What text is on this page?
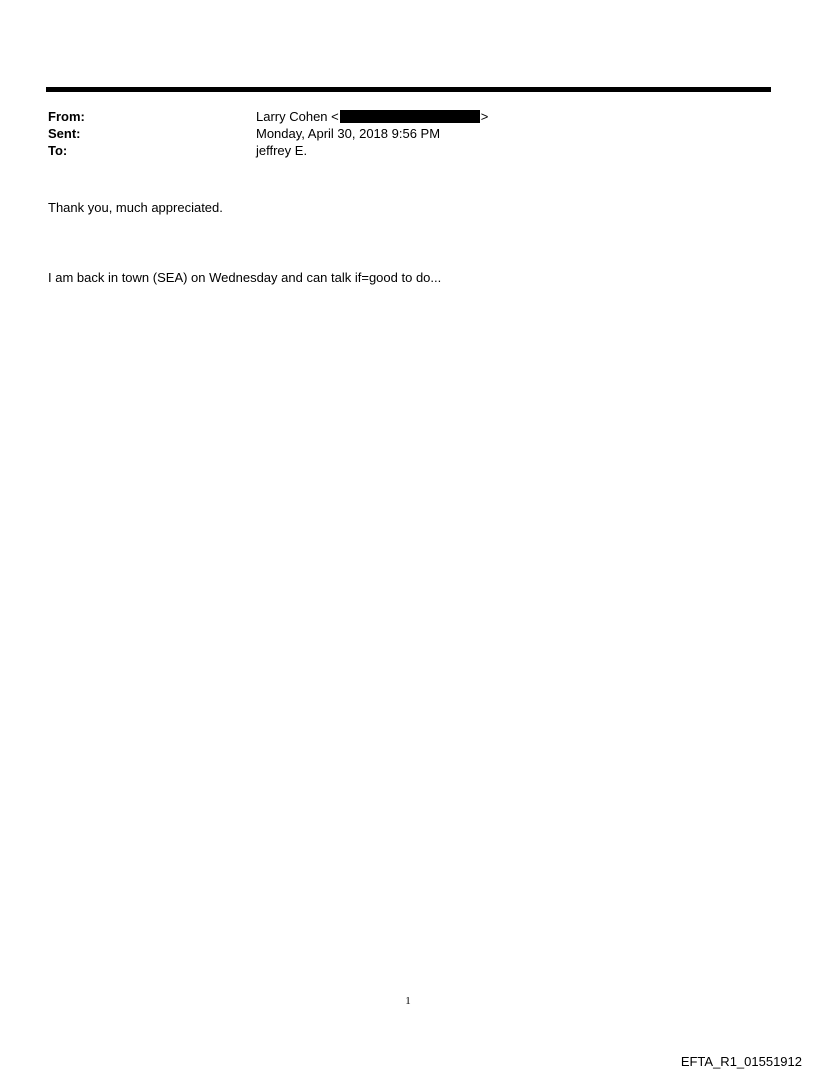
From:	Larry Cohen <	>
Sent:	Monday, April 30, 2018 9:56 PM
To:	jeffrey E.
Thank you, much appreciated.
I am back in town (SEA) on Wednesday and can talk if=good to do...
1
EFTA_R1_01551912
